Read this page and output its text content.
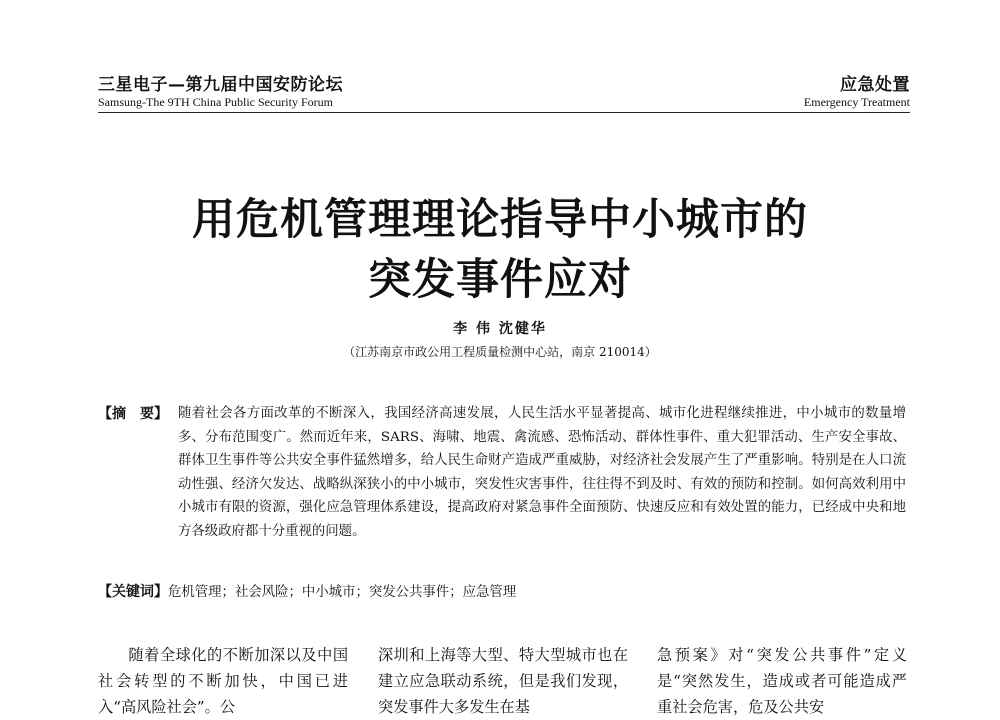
三星电子—第九届中国安防论坛
Samsung-The 9TH China Public Security Forum
应急处置
Emergency Treatment
用危机管理理论指导中小城市的
突发事件应对
李 伟 沈健华
（江苏南京市政公用工程质量检测中心站，南京 210014）
【摘　要】 随着社会各方面改革的不断深入，我国经济高速发展，人民生活水平显著提高、城市化进程继续推进，中小城市的数量增多、分布范围变广。然而近年来，SARS、海啸、地震、禽流感、恐怖活动、群体性事件、重大犯罪活动、生产安全事故、群体卫生事件等公共安全事件猛然增多，给人民生命财产造成严重威胁，对经济社会发展产生了严重影响。特别是在人口流动性强、经济欠发达、战略纵深狭小的中小城市，突发性灾害事件，往往得不到及时、有效的预防和控制。如何高效利用中小城市有限的资源，强化应急管理体系建设，提高政府对紧急事件全面预防、快速反应和有效处置的能力，已经成中央和地方各级政府都十分重视的问题。
【关键词】危机管理；社会风险；中小城市；突发公共事件；应急管理
随着全球化的不断加深以及中国社会转型的不断加快，中国已进入“高风险社会”。公
深圳和上海等大型、特大型城市也在建立应急联动系统，但是我们发现，突发事件大多发生在基
急预案》对“突发公共事件”定义是“突然发生，造成或者可能造成严重社会危害，危及公共安
